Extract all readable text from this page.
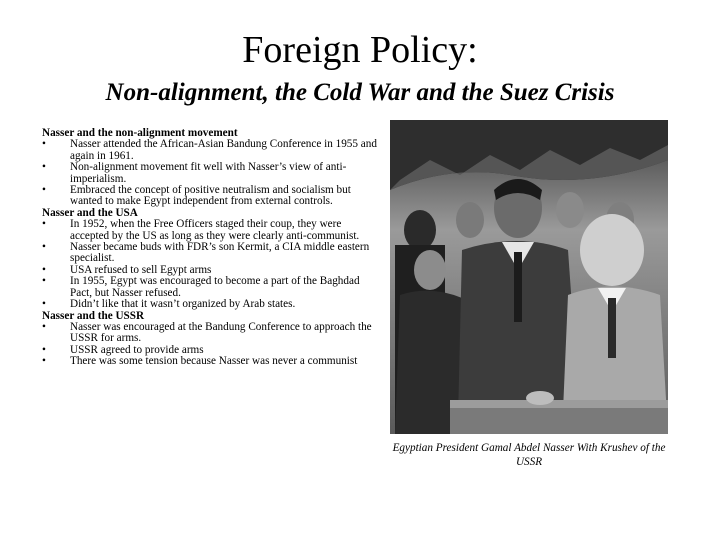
Foreign Policy:
Non-alignment, the Cold War and the Suez Crisis
Nasser and the non-alignment movement
• Nasser attended the African-Asian Bandung Conference in 1955 and again in 1961.
• Non-alignment movement fit well with Nasser’s view of anti-imperialism.
• Embraced the concept of positive neutralism and socialism but wanted to make Egypt independent from external controls.
Nasser and the USA
• In 1952, when the Free Officers staged their coup, they were accepted by the US as long as they were clearly anti-communist.
• Nasser became buds with FDR’s son Kermit, a CIA middle eastern specialist.
• USA refused to sell Egypt arms
• In 1955, Egypt was encouraged to become a part of the Baghdad Pact, but Nasser refused.
• Didn’t like that it wasn’t organized by Arab states.
Nasser and the USSR
• Nasser was encouraged at the Bandung Conference to approach the USSR for arms.
• USSR agreed to provide arms
• There was some tension because Nasser was never a communist
Egyptian President Gamal Abdel Nasser With Krushev of the USSR
